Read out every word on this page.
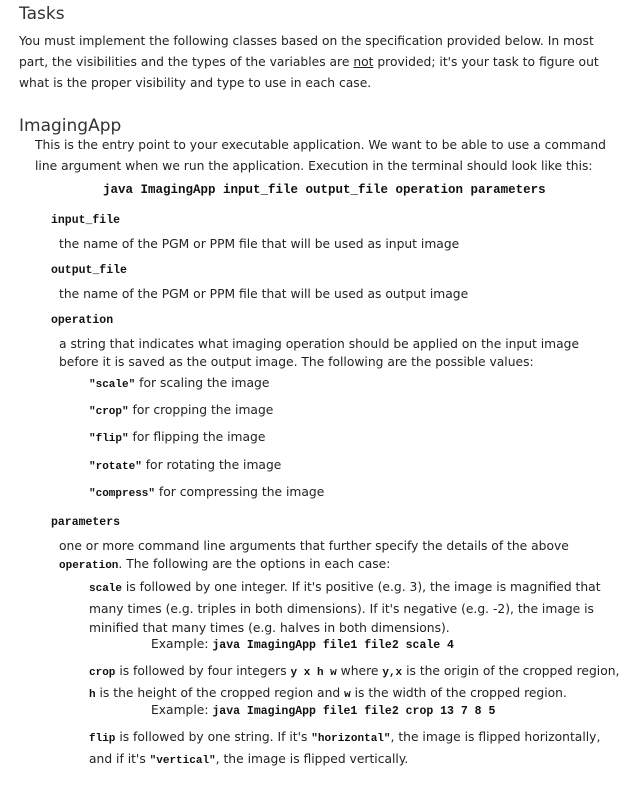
Tasks

You must implement the following classes based on the specification provided below. In most part, the visibilities and the types of the variables are not provided; it's your task to figure out what is the proper visibility and type to use in each case.

ImagingApp

This is the entry point to your executable application. We want to be able to use a command line argument when we run the application. Execution in the terminal should look like this:

java ImagingApp input_file output_file operation parameters
input_file

the name of the PGM or PPM file that will be used as input image

output_file

the name of the PGM or PPM file that will be used as output image

operation

a string that indicates what imaging operation should be applied on the input image before it is saved as the output image. The following are the possible values:

"scale" for scaling the image
"crop" for cropping the image
"flip" for flipping the image
"rotate" for rotating the image
"compress" for compressing the image
parameters

one or more command line arguments that further specify the details of the above operation. The following are the options in each case:

scale is followed by one integer. If it's positive (e.g. 3), the image is magnified that many times (e.g. triples in both dimensions). If it's negative (e.g. -2), the image is minified that many times (e.g. halves in both dimensions).

Example: java ImagingApp file1 file2 scale 4

crop is followed by four integers y x h w where y,x is the origin of the cropped region, h is the height of the cropped region and w is the width of the cropped region.

Example: java ImagingApp file1 file2 crop 13 7 8 5

flip is followed by one string. If it's "horizontal", the image is flipped horizontally, and if it's "vertical", the image is flipped vertically.
